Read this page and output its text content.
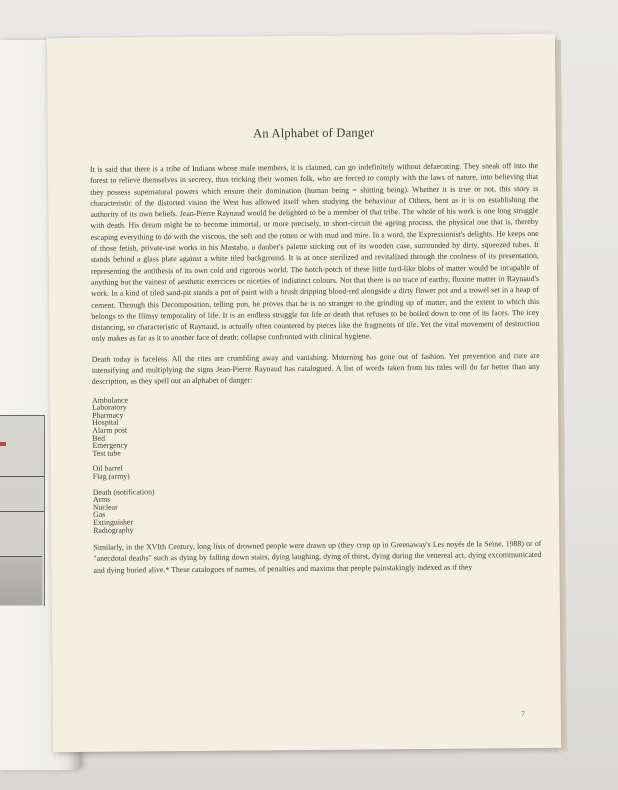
An Alphabet of Danger

It is said that there is a tribe of Indians whose male members, it is claimed, can go indefinitely without defaecating. They sneak off into the forest to relieve themselves in secrecy, thus tricking their women folk, who are forced to comply with the laws of nature, into believing that they possess supernatural powers which ensure their domination (human being = shitting being). Whether it is true or not, this story is characteristic of the distorted vision the West has allowed itself when studying the behaviour of Others, bent as it is on establishing the authority of its own beliefs. Jean-Pierre Raynaud would be delighted to be a member of that tribe. The whole of his work is one long struggle with death. His dream might be to become immortal, or more precisely, to short-circuit the ageing process, the physical one that is, thereby escaping everything to do with the viscous, the soft and the rotten or with mud and mire. In a word, the Expressionist's delights. He keeps one of those fetish, private-use works in his Mastaba, a dauber's palette sticking out of its wooden case, surrounded by dirty, squeezed tubes. It stands behind a glass plate against a white tiled background. It is at once sterilized and revitalized through the coolness of its presentation, representing the antithesis of its own cold and rigorous world. The hotch-potch of these little turd-like blobs of matter would be incapable of anything but the vainest of aesthetic exercices or niceties of indistinct colours. Not that there is no trace of earthy, fluxine matter in Raynaud's work. In a kind of tiled sand-pit stands a pot of paint with a brush dripping blood-red alongside a dirty flower pot and a trowel set in a heap of cement. Through this Decomposition, telling pun, he proves that he is no stranger to the grinding up of matter, and the extent to which this belongs to the flimsy temporality of life. It is an endless struggle for life or death that refuses to be boiled down to one of its faces. The icey distancing, so characteristic of Raynaud, is actually often countered by pieces like the fragments of tile. Yet the vital movement of destruction only makes as far as it to another face of death: collapse confronted with clinical hygiene.

Death today is faceless. All the rites are crumbling away and vanishing. Mourning has gone out of fashion. Yet prevention and cure are intensifying and multiplying the signs Jean-Pierre Raynaud has catalogued. A list of words taken from his titles will do far better than any description, as they spell out an alphabet of danger:

Ambulance
Laboratory
Pharmacy
Hospital
Alarm post
Bed
Emergency
Test tube
Oil barrel
Flag (army)
Death (notification)
Arms
Nuclear
Gas
Extinguisher
Radiography

Similarly, in the XVIth Century, long lists of drowned people were drawn up (they crop up in Greenaway's Les noyés de la Seine, 1988) or of "anecdotal deaths" such as dying by falling down stairs, dying laughing, dying of thirst, dying during the venereal act, dying excommunicated and dying buried alive.* These catalogues of names, of penalties and maxims that people painstakingly indexed as if they

7
